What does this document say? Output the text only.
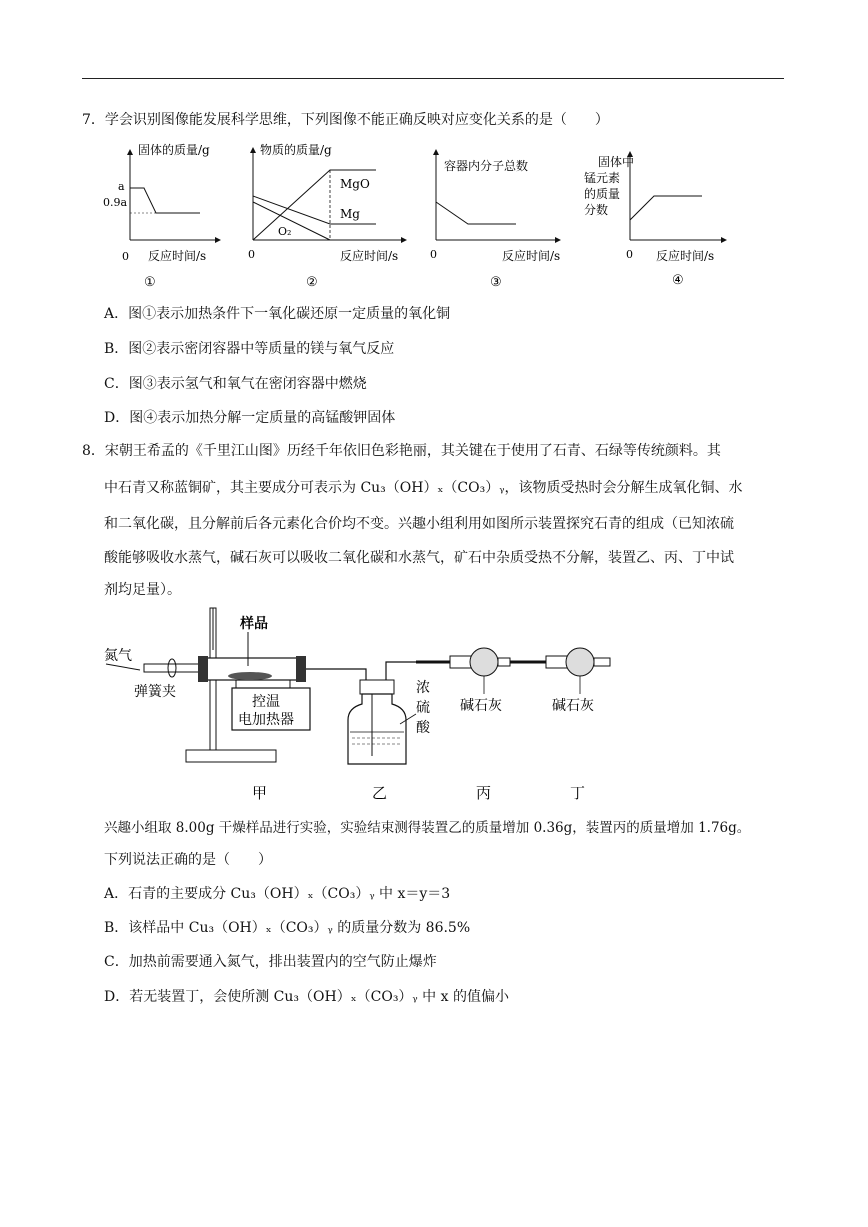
7．学会识别图像能发展科学思维，下列图像不能正确反映对应变化关系的是（　　）
固体的质量/g
a
0.9a
0 反应时间/s
①
物质的质量/g
MgO
Mg
O₂
0	反应时间/s
②
容器内分子总数
0	反应时间/s
③
固体中
锰元素
的质量
分数
0 反应时间/s
④
A．图①表示加热条件下一氧化碳还原一定质量的氧化铜
B．图②表示密闭容器中等质量的镁与氧气反应
C．图③表示氢气和氧气在密闭容器中燃烧
D．图④表示加热分解一定质量的高锰酸钾固体
8．宋朝王希孟的《千里江山图》历经千年依旧色彩艳丽，其关键在于使用了石青、石绿等传统颜料。其
中石青又称蓝铜矿，其主要成分可表示为 Cu₃（OH）ₓ（CO₃）ᵧ，该物质受热时会分解生成氧化铜、水
和二氧化碳，且分解前后各元素化合价均不变。兴趣小组利用如图所示装置探究石青的组成（已知浓硫
酸能够吸收水蒸气，碱石灰可以吸收二氧化碳和水蒸气，矿石中杂质受热不分解，装置乙、丙、丁中试
剂均足量）。
氮气
弹簧夹
样品
控温
电加热器
浓
硫
酸
碱石灰	碱石灰
甲	乙	丙	丁
兴趣小组取 8.00g 干燥样品进行实验，实验结束测得装置乙的质量增加 0.36g，装置丙的质量增加 1.76g。
下列说法正确的是（　　）
A．石青的主要成分 Cu₃（OH）ₓ（CO₃）ᵧ 中 x＝y＝3
B．该样品中 Cu₃（OH）ₓ（CO₃）ᵧ 的质量分数为 86.5%
C．加热前需要通入氮气，排出装置内的空气防止爆炸
D．若无装置丁，会使所测 Cu₃（OH）ₓ（CO₃）ᵧ 中 x 的值偏小
